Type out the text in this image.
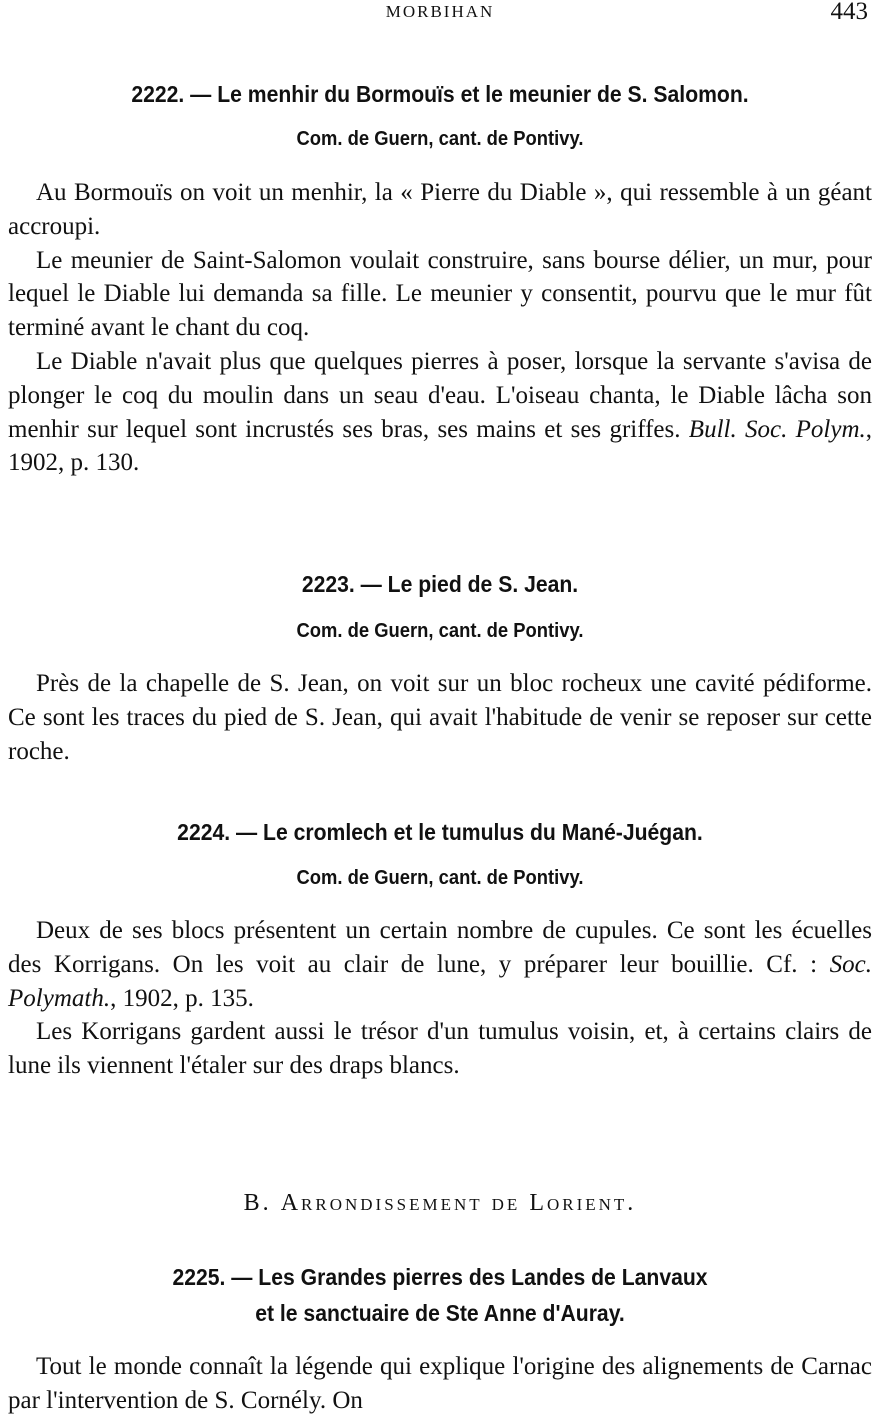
MORBIHAN	443
2222. — Le menhir du Bormouïs et le meunier de S. Salomon.
Com. de Guern, cant. de Pontivy.

Au Bormouïs on voit un menhir, la « Pierre du Diable », qui ressemble à un géant accroupi.

Le meunier de Saint-Salomon voulait construire, sans bourse délier, un mur, pour lequel le Diable lui demanda sa fille. Le meunier y consentit, pourvu que le mur fût terminé avant le chant du coq.

Le Diable n'avait plus que quelques pierres à poser, lorsque la servante s'avisa de plonger le coq du moulin dans un seau d'eau. L'oiseau chanta, le Diable lâcha son menhir sur lequel sont incrustés ses bras, ses mains et ses griffes. Bull. Soc. Polym., 1902, p. 130.

2223. — Le pied de S. Jean.
Com. de Guern, cant. de Pontivy.

Près de la chapelle de S. Jean, on voit sur un bloc rocheux une cavité pédiforme. Ce sont les traces du pied de S. Jean, qui avait l'habitude de venir se reposer sur cette roche.

2224. — Le cromlech et le tumulus du Mané-Juégan.
Com. de Guern, cant. de Pontivy.

Deux de ses blocs présentent un certain nombre de cupules. Ce sont les écuelles des Korrigans. On les voit au clair de lune, y préparer leur bouillie. Cf. : Soc. Polymath., 1902, p. 135.

Les Korrigans gardent aussi le trésor d'un tumulus voisin, et, à certains clairs de lune ils viennent l'étaler sur des draps blancs.

B. Arrondissement de Lorient.
2225. — Les Grandes pierres des Landes de Lanvaux
et le sanctuaire de Ste Anne d'Auray.

Tout le monde connaît la légende qui explique l'origine des alignements de Carnac par l'intervention de S. Cornély. On
